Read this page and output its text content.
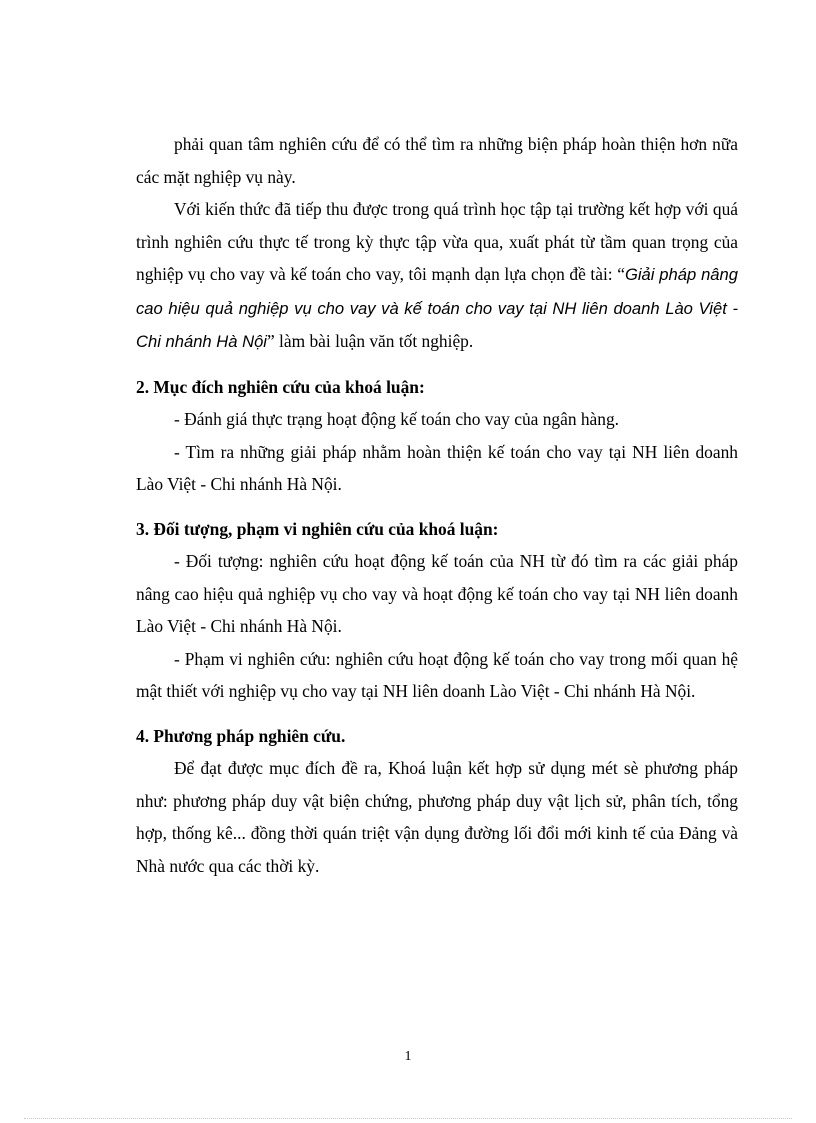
phải quan tâm nghiên cứu để có thể tìm ra những biện pháp hoàn thiện hơn nữa các mặt nghiệp vụ này.

Với kiến thức đã tiếp thu được trong quá trình học tập tại trường kết hợp với quá trình nghiên cứu thực tế trong kỳ thực tập vừa qua, xuất phát từ tầm quan trọng của nghiệp vụ cho vay và kế toán cho vay, tôi mạnh dạn lựa chọn đề tài: “Giải pháp nâng cao hiệu quả nghiệp vụ cho vay và kế toán cho vay tại NH liên doanh Lào Việt - Chi nhánh Hà Nội” làm bài luận văn tốt nghiệp.

2. Mục đích nghiên cứu của khoá luận:

- Đánh giá thực trạng hoạt động kế toán cho vay của ngân hàng.

- Tìm ra những giải pháp nhằm hoàn thiện kế toán cho vay tại NH liên doanh Lào Việt - Chi nhánh Hà Nội.

3. Đối tượng, phạm vi nghiên cứu của khoá luận:

- Đối tượng: nghiên cứu hoạt động kế toán của NH từ đó tìm ra các giải pháp nâng cao hiệu quả nghiệp vụ cho vay và hoạt động kế toán cho vay tại NH liên doanh Lào Việt - Chi nhánh Hà Nội.

- Phạm vi nghiên cứu: nghiên cứu hoạt động kế toán cho vay trong mối quan hệ mật thiết với nghiệp vụ cho vay tại NH liên doanh Lào Việt - Chi nhánh Hà Nội.

4. Phương pháp nghiên cứu.

Để đạt được mục đích đề ra, Khoá luận kết hợp sử dụng mét sè phương pháp như: phương pháp duy vật biện chứng, phương pháp duy vật lịch sử, phân tích, tổng hợp, thống kê... đồng thời quán triệt vận dụng đường lối đổi mới kinh tế của Đảng và Nhà nước qua các thời kỳ.

1
